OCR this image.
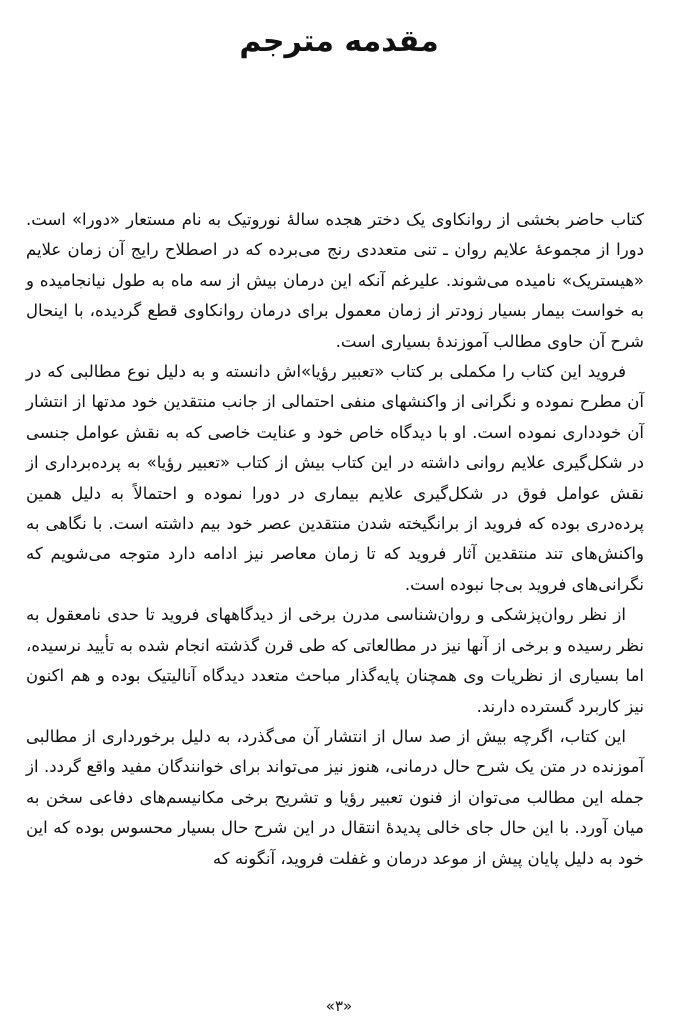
مقدمه مترجم

کتاب حاضر بخشی از روانکاوی یک دختر هجده سالهٔ نوروتیک به نام مستعار «دورا» است. دورا از مجموعهٔ علایم روان ـ تنی متعددی رنج می‌برده که در اصطلاح رایج آن زمان علایم «هیستریک» نامیده می‌شوند. علیرغم آنکه این درمان بیش از سه ماه به طول نیانجامیده و به خواست بیمار بسیار زودتر از زمان معمول برای درمان روانکاوی قطع گردیده، با اینحال شرح آن حاوی مطالب آموزندهٔ بسیاری است.

فروید این کتاب را مکملی بر کتاب «تعبیر رؤیا»اش دانسته و به دلیل نوع مطالبی که در آن مطرح نموده و نگرانی از واکنشهای منفی احتمالی از جانب منتقدین خود مدتها از انتشار آن خودداری نموده است. او با دیدگاه خاص خود و عنایت خاصی که به نقش عوامل جنسی در شکل‌گیری علایم روانی داشته در این کتاب بیش از کتاب «تعبیر رؤیا» به پرده‌برداری از نقش عوامل فوق در شکل‌گیری علایم بیماری در دورا نموده و احتمالاً به دلیل همین پرده‌دری بوده که فروید از برانگیخته شدن منتقدین عصر خود بیم داشته است. با نگاهی به واکنش‌های تند منتقدین آثار فروید که تا زمان معاصر نیز ادامه دارد متوجه می‌شویم که نگرانی‌های فروید بی‌جا نبوده است.

از نظر روان‌پزشکی و روان‌شناسی مدرن برخی از دیدگاههای فروید تا حدی نامعقول به نظر رسیده و برخی از آنها نیز در مطالعاتی که طی قرن گذشته انجام شده به تأیید نرسیده، اما بسیاری از نظریات وی همچنان پایه‌گذار مباحث متعدد دیدگاه آنالیتیک بوده و هم اکنون نیز کاربرد گسترده دارند.

این کتاب، اگرچه بیش از صد سال از انتشار آن می‌گذرد، به دلیل برخورداری از مطالبی آموزنده در متن یک شرح حال درمانی، هنوز نیز می‌تواند برای خوانندگان مفید واقع گردد. از جمله این مطالب می‌توان از فنون تعبیر رؤیا و تشریح برخی مکانیسم‌های دفاعی سخن به میان آورد. با این حال جای خالی پدیدهٔ انتقال در این شرح حال بسیار محسوس بوده که این خود به دلیل پایان پیش از موعد درمان و غفلت فروید، آنگونه که

«۳»
